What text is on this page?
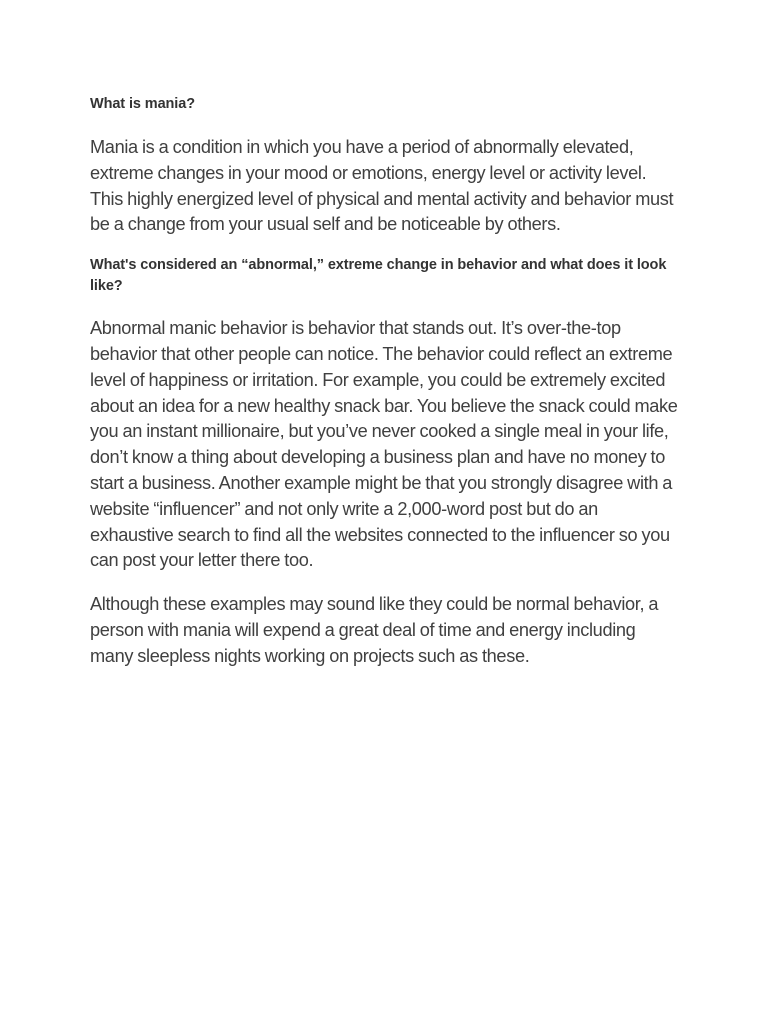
What is mania?

Mania is a condition in which you have a period of abnormally elevated, extreme changes in your mood or emotions, energy level or activity level. This highly energized level of physical and mental activity and behavior must be a change from your usual self and be noticeable by others.

What's considered an “abnormal,” extreme change in behavior and what does it look like?

Abnormal manic behavior is behavior that stands out. It’s over-the-top behavior that other people can notice. The behavior could reflect an extreme level of happiness or irritation. For example, you could be extremely excited about an idea for a new healthy snack bar. You believe the snack could make you an instant millionaire, but you’ve never cooked a single meal in your life, don’t know a thing about developing a business plan and have no money to start a business. Another example might be that you strongly disagree with a website “influencer” and not only write a 2,000-word post but do an exhaustive search to find all the websites connected to the influencer so you can post your letter there too.

Although these examples may sound like they could be normal behavior, a person with mania will expend a great deal of time and energy including many sleepless nights working on projects such as these.
